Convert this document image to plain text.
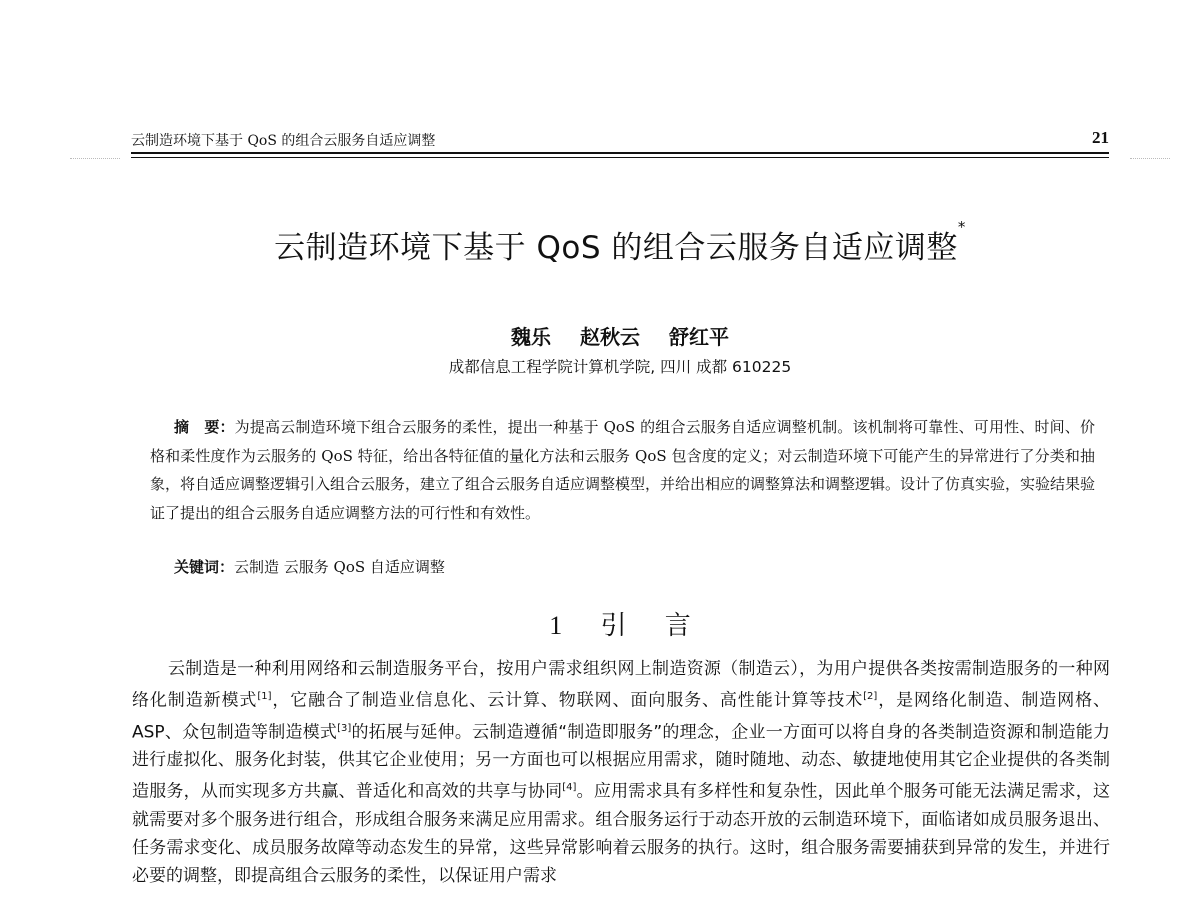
云制造环境下基于 QoS 的组合云服务自适应调整	21
云制造环境下基于 QoS 的组合云服务自适应调整*
魏乐 赵秋云 舒红平
成都信息工程学院计算机学院, 四川 成都 610225
摘　要：为提高云制造环境下组合云服务的柔性，提出一种基于 QoS 的组合云服务自适应调整机制。该机制将可靠性、可用性、时间、价格和柔性度作为云服务的 QoS 特征，给出各特征值的量化方法和云服务 QoS 包含度的定义；对云制造环境下可能产生的异常进行了分类和抽象，将自适应调整逻辑引入组合云服务，建立了组合云服务自适应调整模型，并给出相应的调整算法和调整逻辑。设计了仿真实验，实验结果验证了提出的组合云服务自适应调整方法的可行性和有效性。
关键词：云制造 云服务 QoS 自适应调整
1 引 言
云制造是一种利用网络和云制造服务平台，按用户需求组织网上制造资源（制造云），为用户提供各类按需制造服务的一种网络化制造新模式[1]，它融合了制造业信息化、云计算、物联网、面向服务、高性能计算等技术[2]，是网络化制造、制造网格、ASP、众包制造等制造模式[3]的拓展与延伸。云制造遵循“制造即服务”的理念，企业一方面可以将自身的各类制造资源和制造能力进行虚拟化、服务化封装，供其它企业使用；另一方面也可以根据应用需求，随时随地、动态、敏捷地使用其它企业提供的各类制造服务，从而实现多方共赢、普适化和高效的共享与协同[4]。应用需求具有多样性和复杂性，因此单个服务可能无法满足需求，这就需要对多个服务进行组合，形成组合服务来满足应用需求。组合服务运行于动态开放的云制造环境下，面临诸如成员服务退出、任务需求变化、成员服务故障等动态发生的异常，这些异常影响着云服务的执行。这时，组合服务需要捕获到异常的发生，并进行必要的调整，即提高组合云服务的柔性，以保证用户需求
